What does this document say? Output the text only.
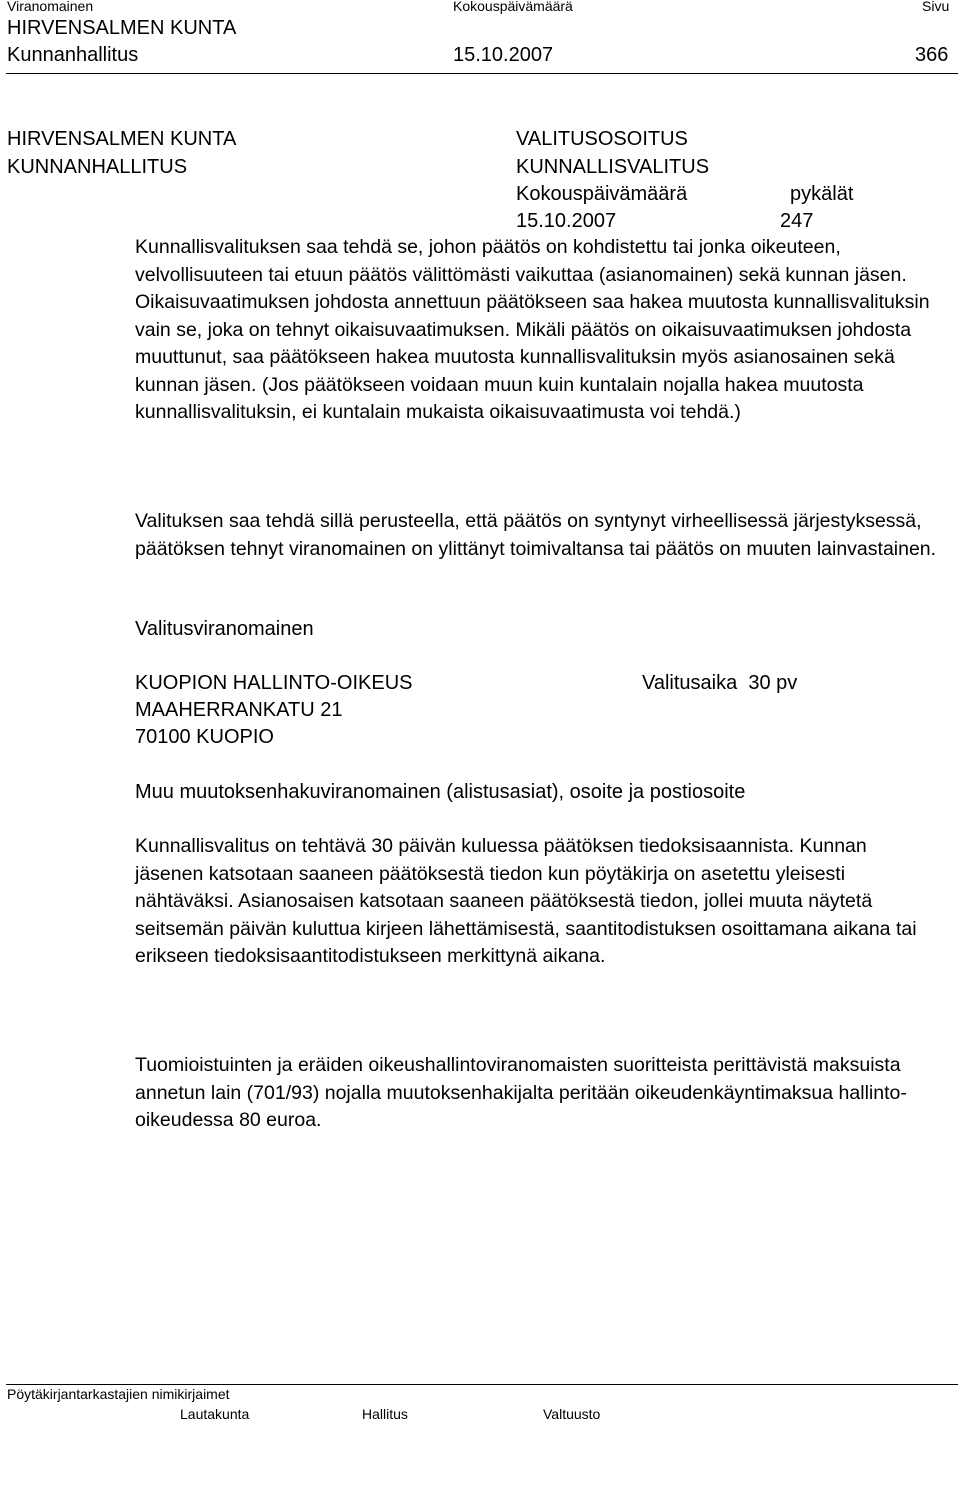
Viranomainen	Kokouspäivämäärä	Sivu
HIRVENSALMEN KUNTA
Kunnanhallitus	15.10.2007	366
HIRVENSALMEN KUNTA
KUNNANHALLITUS
VALITUSOSOITUS
KUNNALLISVALITUS
Kokouspäivämäärä	pykälät
15.10.2007	247

Kunnallisvalituksen saa tehdä se, johon päätös on kohdistettu tai jonka oikeuteen, velvollisuuteen tai etuun päätös välittömästi vaikuttaa (asianomainen) sekä kunnan jäsen. Oikaisuvaatimuksen johdosta annettuun päätökseen saa hakea muutosta kunnallisvalituksin vain se, joka on tehnyt oikaisuvaatimuksen. Mikäli päätös on oikaisuvaatimuksen johdosta muuttunut, saa päätökseen hakea muutosta kunnallisvalituksin myös asianosainen sekä kunnan jäsen. (Jos päätökseen voidaan muun kuin kuntalain nojalla hakea muutosta kunnallisvalituksin, ei kuntalain mukaista oikaisuvaatimusta voi tehdä.)

Valituksen saa tehdä sillä perusteella, että päätös on syntynyt virheellisessä järjestyksessä, päätöksen tehnyt viranomainen on ylittänyt toimivaltansa tai päätös on muuten lainvastainen.

Valitusviranomainen
KUOPION HALLINTO-OIKEUS
MAAHERRANKATU 21
70100 KUOPIO
Valitusaika  30 pv
Muu muutoksenhakuviranomainen (alistusasiat), osoite ja postiosoite

Kunnallisvalitus on tehtävä 30 päivän kuluessa päätöksen tiedoksisaannista. Kunnan jäsenen katsotaan saaneen päätöksestä tiedon kun pöytäkirja on asetettu yleisesti nähtäväksi. Asianosaisen katsotaan saaneen päätöksestä tiedon, jollei muuta näytetä seitsemän päivän kuluttua kirjeen lähettämisestä, saantitodistuksen osoittamana aikana tai erikseen tiedoksisaantitodistukseen merkittynä aikana.

Tuomioistuinten ja eräiden oikeushallintoviranomaisten suoritteista perittävistä maksuista annetun lain (701/93) nojalla muutoksenhakijalta peritään oikeudenkäyntimaksua hallinto-oikeudessa 80 euroa.

Pöytäkirjantarkastajien nimikirjaimet
Lautakunta	Hallitus	Valtuusto
